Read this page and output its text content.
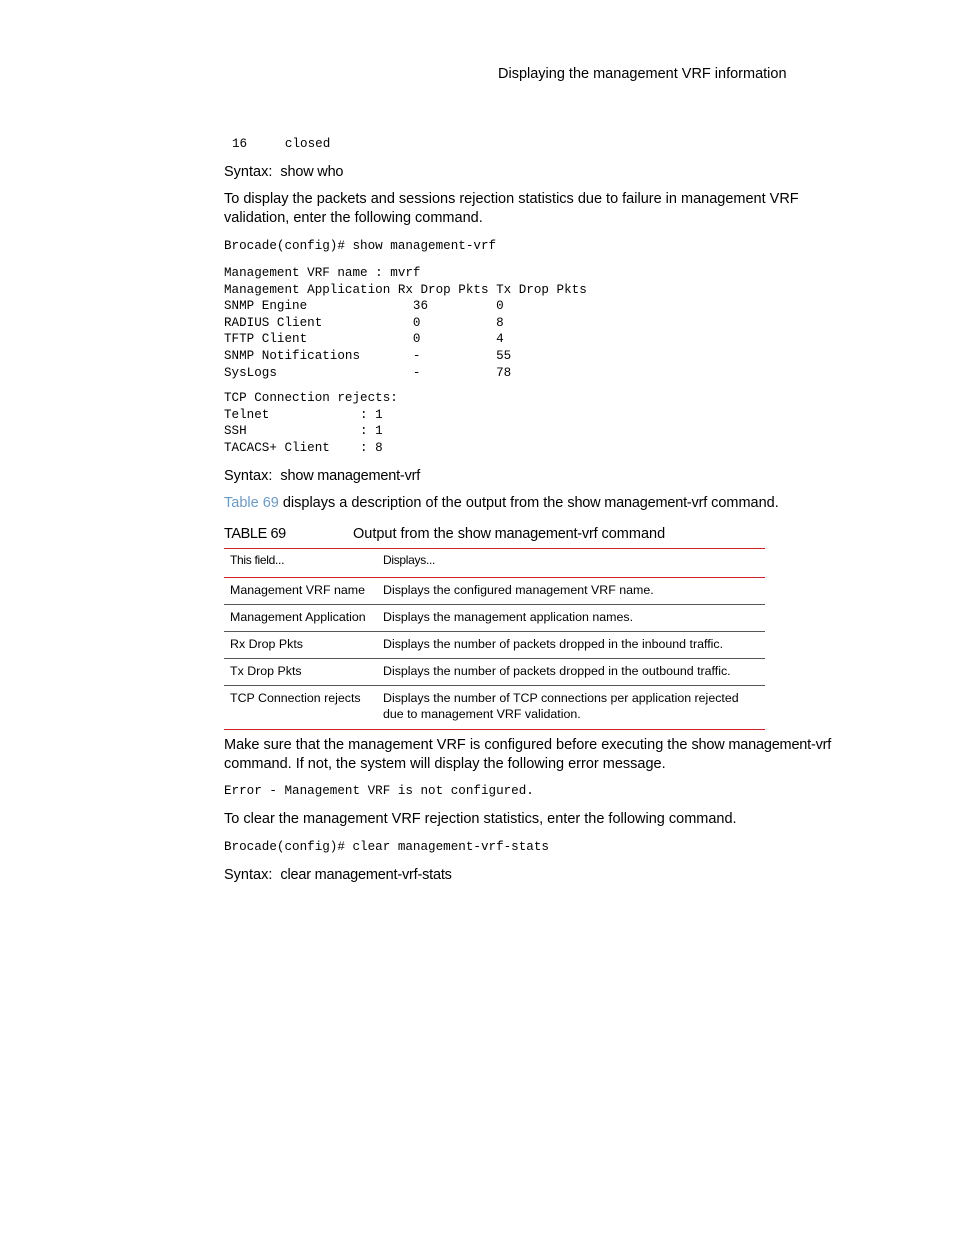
Displaying the management VRF information
16     closed
Syntax: show who
To display the packets and sessions rejection statistics due to failure in management VRF validation, enter the following command.
Brocade(config)# show management-vrf
Management VRF name : mvrf
Management Application Rx Drop Pkts Tx Drop Pkts
SNMP Engine              36         0
RADIUS Client            0          8
TFTP Client              0          4
SNMP Notifications       -          55
SysLogs                  -          78
TCP Connection rejects:
Telnet            : 1
SSH               : 1
TACACS+ Client    : 8
Syntax: show management-vrf
Table 69 displays a description of the output from the show management-vrf command.
TABLE 69	Output from the show management-vrf command
This field...	Displays...
Management VRF name	Displays the configured management VRF name.
Management Application	Displays the management application names.
Rx Drop Pkts	Displays the number of packets dropped in the inbound traffic.
Tx Drop Pkts	Displays the number of packets dropped in the outbound traffic.
TCP Connection rejects	Displays the number of TCP connections per application rejected due to management VRF validation.
Make sure that the management VRF is configured before executing the show management-vrf command. If not, the system will display the following error message.
Error - Management VRF is not configured.
To clear the management VRF rejection statistics, enter the following command.
Brocade(config)# clear management-vrf-stats
Syntax: clear management-vrf-stats
